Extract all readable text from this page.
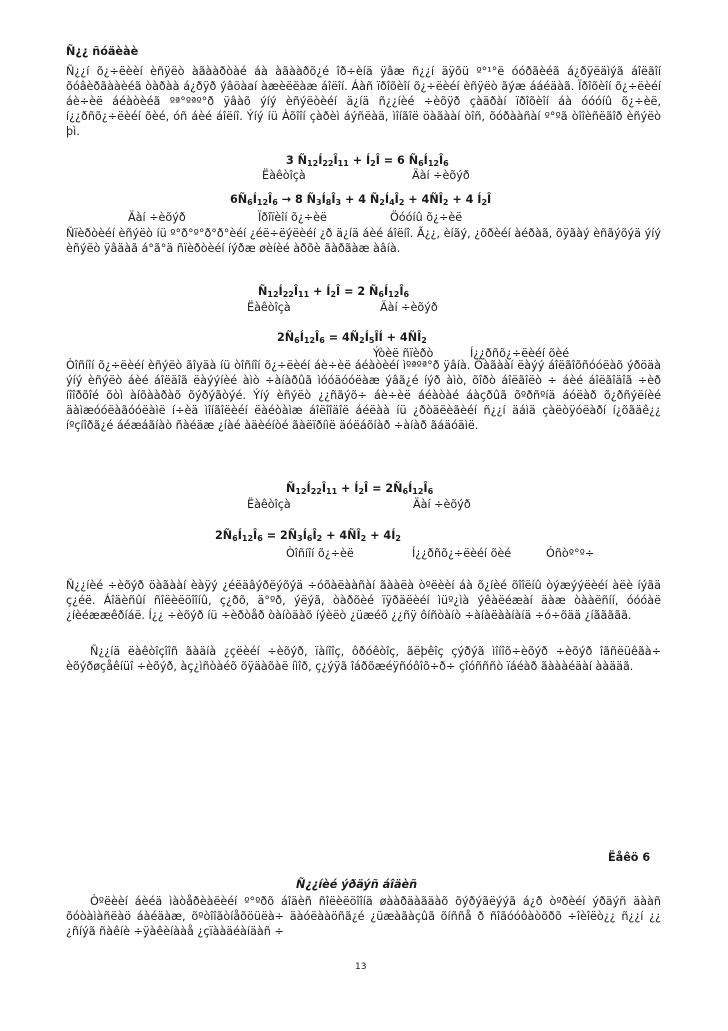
Ñ¿¿ ñóäèàè
Ñ¿¿í õ¿÷ëèèí èñÿëò àãààðòàé áà àãààðõ¿é îð÷èíä ÿâæ ñ¿¿í äÿõü º°¹°ë óóðãèéã á¿ðÿëäìýã áîëãîí õóâèðãààèéã òàðàà á¿ðÿð ýâöàaí àæèëëàæ áîëîí. Áàñ ïðîõèîí õ¿÷ëèéí èñÿëò ãýæ ááéäàã. Ïðîõèîí õ¿÷ëèéí áè÷èë áéàòèéã ºª°ºªº°ð ÿâàõ ýíý èñýëòèéí ä¿íä ñ¿¿íèé ÷èõÿð çàäðàí ïðîõèîí áà óóóíû õ¿÷èë, í¿¿ðñõ¿÷ëèéí õèé, óñ áèé áîëíî. Ýíý íü Àõîîí çàðèì áýñëàä, ìîíãîë öàãààí òîñ, õóðààñàí º°ºã òîîèñëãîð èñýëò þì.
3 Ñ12Í22Î11 + Í2Î = 6 Ñ6Í12Î6
Ëàêòîçà	Äàí ÷èõýð
6Ñ6Í12Î6 → 8 Ñ3Í8Î3 + 4 Ñ2Í4Î2 + 4ÑÎ2 + 4 Í2Î
Äàí ÷èõýð	Ïðîïèîí õ¿÷èë	Öóóíû õ¿÷èë
Ñïèðòèéí èñýëò íü º°ð°º°ð°ð°èéí ¿éë÷ëýëèéí ¿ð ä¿íä áèé áîëíî. Ã¿¿, èíãý, ¿õðèéí àéðàã, õÿãàý èñãýõýä ýíý èñýëò ÿâäàã á°ã°ä ñïèðòèéí íýðæ øèíèé àðõè ãàðãàæ àâíà.
Ñ12Í22Î11 + Í2Î = 2 Ñ6Í12Î6
Ëàêòîçà	Äàí ÷èõýð
2Ñ6Í12Î6 = 4Ñ2Í5ÎÍ + 4ÑÎ2
Ýòèë ñïèðò	Í¿¿ðñõ¿÷ëèéí õèé
Òîñíîí õ¿÷ëèéí èñýëò ãîyäà íü òîñíîí õ¿÷ëèéí áè÷èë áéàòèéí ìºªºª°ð ÿâíà. Öàãààí ëàýý áîëãîõñóóëàõ ýðöäà ýíý èñýëò áèé áîëäîã ëàýýíèé àìò ÷àíàðûã ìóóäóóëàæ ýâã¿é íýð àìò, õîðò áîëãîëò ÷ áèé áîëãîäîã ÷èð íîîðõîé õòì àíõààðàõ õýðýãòýé. Ýíý èñýëò ¿¿ñãýõ÷ áè÷èë áéàòàé áàçðûã õºðñºíä áóëàð õ¿ðñýëíèé äàìæóóëàãóóëàìë í÷èä ìîíãîëèéí ëàéòàìæ áîëîîäîë áéëàà íü ¿ðòäëèãèéí ñ¿¿í äáìä çàëòÿóëàðí í¿õãäê¿¿ íºçíîðã¿é áéæáãíàò ñàéäæ ¿íàé àäèéíòé ãàëïðíìë äóëáõíàð ÷àíàð ãáäóäìë.
Ñ12Í22Î11 + Í2Î = 2Ñ6Í12Î6
Ëàêòîçà	Äàí ÷èõýð
2Ñ6Í12Î6 = 2Ñ3Í6Î2 + 4ÑÎ2 + 4Í2
Òîñíîí õ¿÷èë	Í¿¿ðñõ¿÷ëèéí õèé	Óñòº°º÷
Ñ¿¿íèé ÷èõýð öàãààí èàÿý ¿éëäâýðëýõýä ÷óõàëààñàí ãààëà òºëèèí áà õ¿íèé õîîëíû òýæýýëèéí àëè íýãä ç¿éë. Áîäèñûí ñîëèëöîîíû, ç¿ðõ, ä°ºð, ýëýã, òàðõèé ïÿðäëèéí ìüº¿ìà ýêàëéæàí äàæ òààëñíí, óóóàë ¿íèéææêðíáë. Í¿¿ ÷èõýð íü ÷èðòåð òàíòäàõ íýèëò ¿üæéõ ¿¿ñÿ ôíñòàíò ÷àíàëààíàíä ÷ó÷õää ¿íããããã.
Ñ¿¿íä ëàêòîçîîñ ãàäíà ¿çëèéí ÷èõýð, ïàíîîç, ôðóêòîç, ãëþêîç çýðýã ìîíîõ÷èõýð ÷èõýð îãñëüêãà÷ èõýðøçåêíüî ÷èõýð, àç¿ìñòàéõ õÿäàõàë íìîð, ç¿ýÿã îáðõæéÿñóôîõ÷ð÷ çîóñññò ïáéàð ãàààéäàí ààääã.
Ëåêö 6
Ñ¿¿íèé ýðäýñ áîäèñ
Òºëèèí áèéä ìàòåðèàëèéí º°ºðõ áîäèñ ñîëèëöîîíä øààðäàãäàõ õýðýãëýýã á¿ð òºðèéí ýðäýñ äààñ õóòàìàñëàö áàéäàæ, õºòîîãòíåõöüëà÷ äàóëààöñã¿é ¿üæàãàçûã õíññå ð ñîãóóôàòõðõ ÷îèîëò¿¿ ñ¿¿í ¿¿ ¿ñíýã ñàêíè ÷ÿàêèíààå ¿çïààäéàíäàñ ÷
13
